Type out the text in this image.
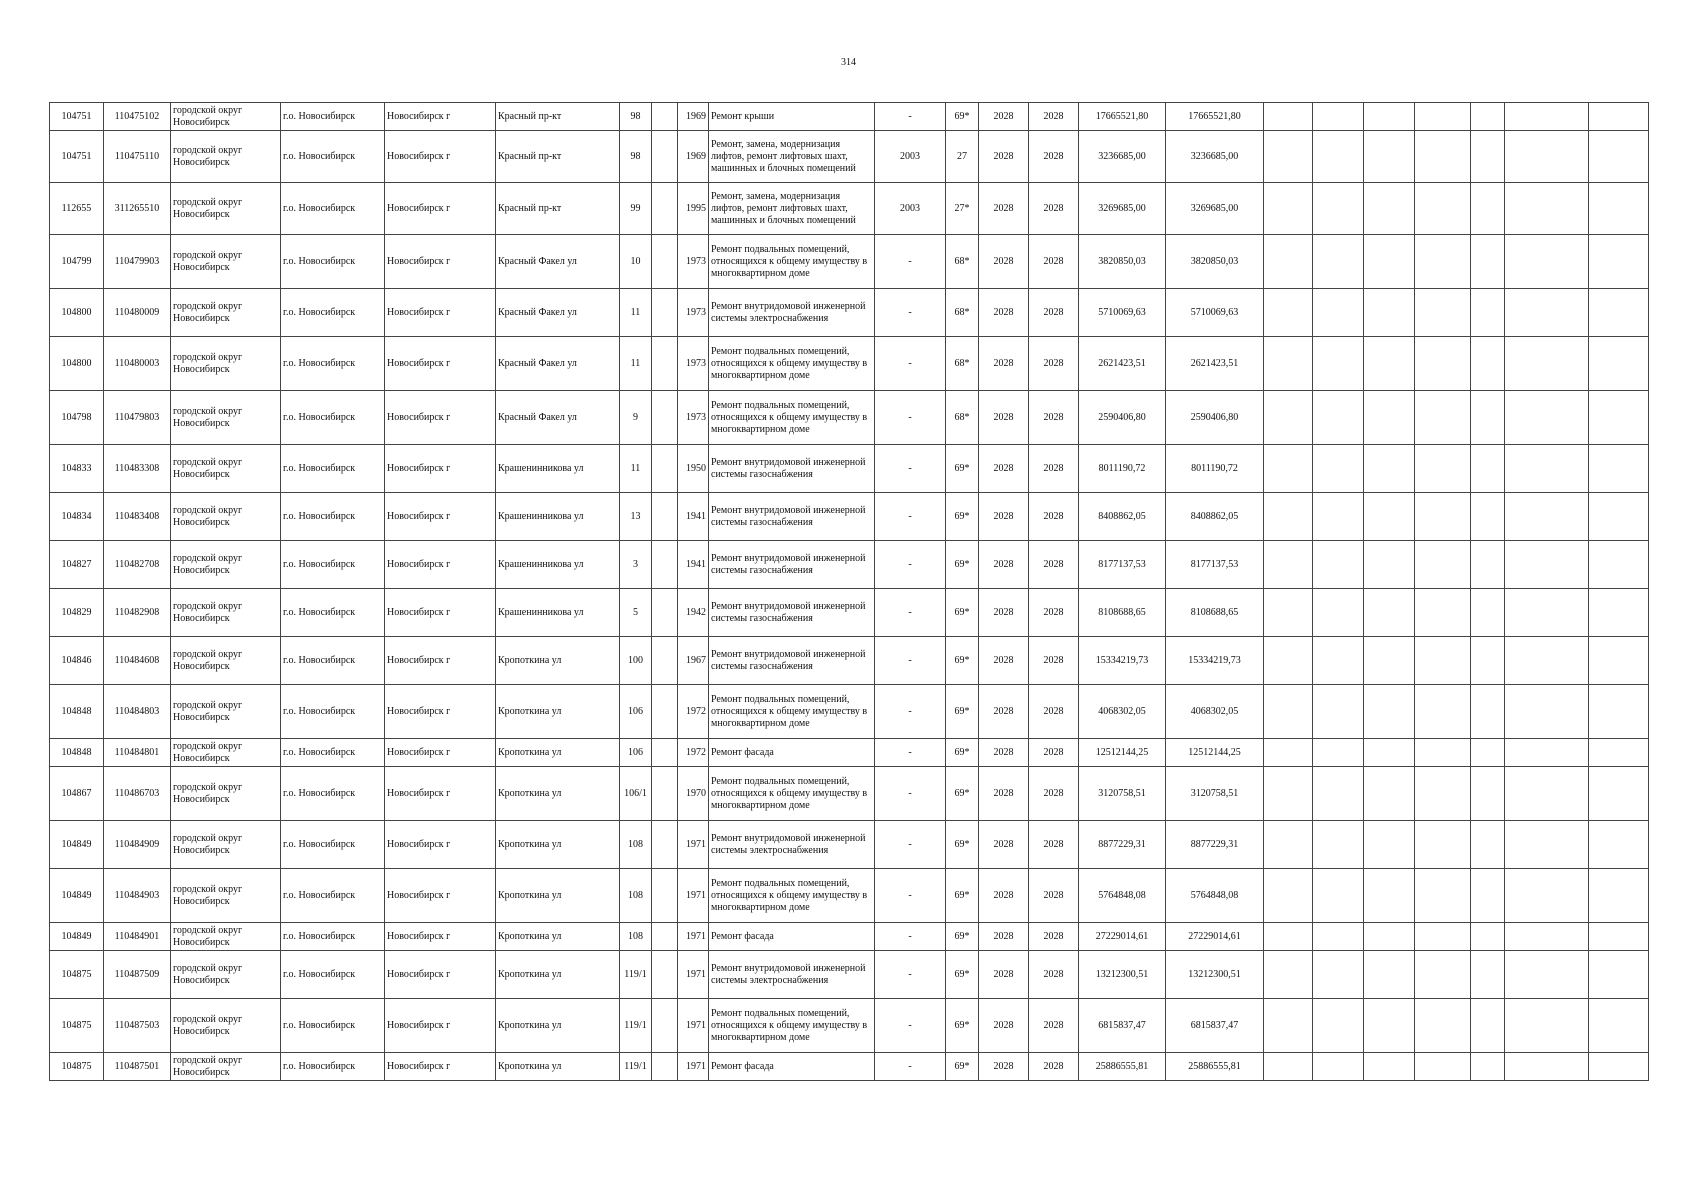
314
104751	110475102	городской округ Новосибирск	г.о. Новосибирск	Новосибирск г	Красный пр-кт	98		1969	Ремонт крыши	-	69*	2028	2028	17665521,80	17665521,80							
104751	110475110	городской округ Новосибирск	г.о. Новосибирск	Новосибирск г	Красный пр-кт	98		1969	Ремонт, замена, модернизация лифтов, ремонт лифтовых шахт, машинных и блочных помещений	2003	27	2028	2028	3236685,00	3236685,00							
112655	311265510	городской округ Новосибирск	г.о. Новосибирск	Новосибирск г	Красный пр-кт	99		1995	Ремонт, замена, модернизация лифтов, ремонт лифтовых шахт, машинных и блочных помещений	2003	27*	2028	2028	3269685,00	3269685,00							
104799	110479903	городской округ Новосибирск	г.о. Новосибирск	Новосибирск г	Красный Факел ул	10		1973	Ремонт подвальных помещений, относящихся к общему имуществу в многоквартирном доме	-	68*	2028	2028	3820850,03	3820850,03							
104800	110480009	городской округ Новосибирск	г.о. Новосибирск	Новосибирск г	Красный Факел ул	11		1973	Ремонт внутридомовой инженерной системы электроснабжения	-	68*	2028	2028	5710069,63	5710069,63							
104800	110480003	городской округ Новосибирск	г.о. Новосибирск	Новосибирск г	Красный Факел ул	11		1973	Ремонт подвальных помещений, относящихся к общему имуществу в многоквартирном доме	-	68*	2028	2028	2621423,51	2621423,51							
104798	110479803	городской округ Новосибирск	г.о. Новосибирск	Новосибирск г	Красный Факел ул	9		1973	Ремонт подвальных помещений, относящихся к общему имуществу в многоквартирном доме	-	68*	2028	2028	2590406,80	2590406,80							
104833	110483308	городской округ Новосибирск	г.о. Новосибирск	Новосибирск г	Крашенинникова ул	11		1950	Ремонт внутридомовой инженерной системы газоснабжения	-	69*	2028	2028	8011190,72	8011190,72							
104834	110483408	городской округ Новосибирск	г.о. Новосибирск	Новосибирск г	Крашенинникова ул	13		1941	Ремонт внутридомовой инженерной системы газоснабжения	-	69*	2028	2028	8408862,05	8408862,05							
104827	110482708	городской округ Новосибирск	г.о. Новосибирск	Новосибирск г	Крашенинникова ул	3		1941	Ремонт внутридомовой инженерной системы газоснабжения	-	69*	2028	2028	8177137,53	8177137,53							
104829	110482908	городской округ Новосибирск	г.о. Новосибирск	Новосибирск г	Крашенинникова ул	5		1942	Ремонт внутридомовой инженерной системы газоснабжения	-	69*	2028	2028	8108688,65	8108688,65							
104846	110484608	городской округ Новосибирск	г.о. Новосибирск	Новосибирск г	Кропоткина ул	100		1967	Ремонт внутридомовой инженерной системы газоснабжения	-	69*	2028	2028	15334219,73	15334219,73							
104848	110484803	городской округ Новосибирск	г.о. Новосибирск	Новосибирск г	Кропоткина ул	106		1972	Ремонт подвальных помещений, относящихся к общему имуществу в многоквартирном доме	-	69*	2028	2028	4068302,05	4068302,05							
104848	110484801	городской округ Новосибирск	г.о. Новосибирск	Новосибирск г	Кропоткина ул	106		1972	Ремонт фасада	-	69*	2028	2028	12512144,25	12512144,25							
104867	110486703	городской округ Новосибирск	г.о. Новосибирск	Новосибирск г	Кропоткина ул	106/1		1970	Ремонт подвальных помещений, относящихся к общему имуществу в многоквартирном доме	-	69*	2028	2028	3120758,51	3120758,51							
104849	110484909	городской округ Новосибирск	г.о. Новосибирск	Новосибирск г	Кропоткина ул	108		1971	Ремонт внутридомовой инженерной системы электроснабжения	-	69*	2028	2028	8877229,31	8877229,31							
104849	110484903	городской округ Новосибирск	г.о. Новосибирск	Новосибирск г	Кропоткина ул	108		1971	Ремонт подвальных помещений, относящихся к общему имуществу в многоквартирном доме	-	69*	2028	2028	5764848,08	5764848,08							
104849	110484901	городской округ Новосибирск	г.о. Новосибирск	Новосибирск г	Кропоткина ул	108		1971	Ремонт фасада	-	69*	2028	2028	27229014,61	27229014,61							
104875	110487509	городской округ Новосибирск	г.о. Новосибирск	Новосибирск г	Кропоткина ул	119/1		1971	Ремонт внутридомовой инженерной системы электроснабжения	-	69*	2028	2028	13212300,51	13212300,51							
104875	110487503	городской округ Новосибирск	г.о. Новосибирск	Новосибирск г	Кропоткина ул	119/1		1971	Ремонт подвальных помещений, относящихся к общему имуществу в многоквартирном доме	-	69*	2028	2028	6815837,47	6815837,47							
104875	110487501	городской округ Новосибирск	г.о. Новосибирск	Новосибирск г	Кропоткина ул	119/1		1971	Ремонт фасада	-	69*	2028	2028	25886555,81	25886555,81							
